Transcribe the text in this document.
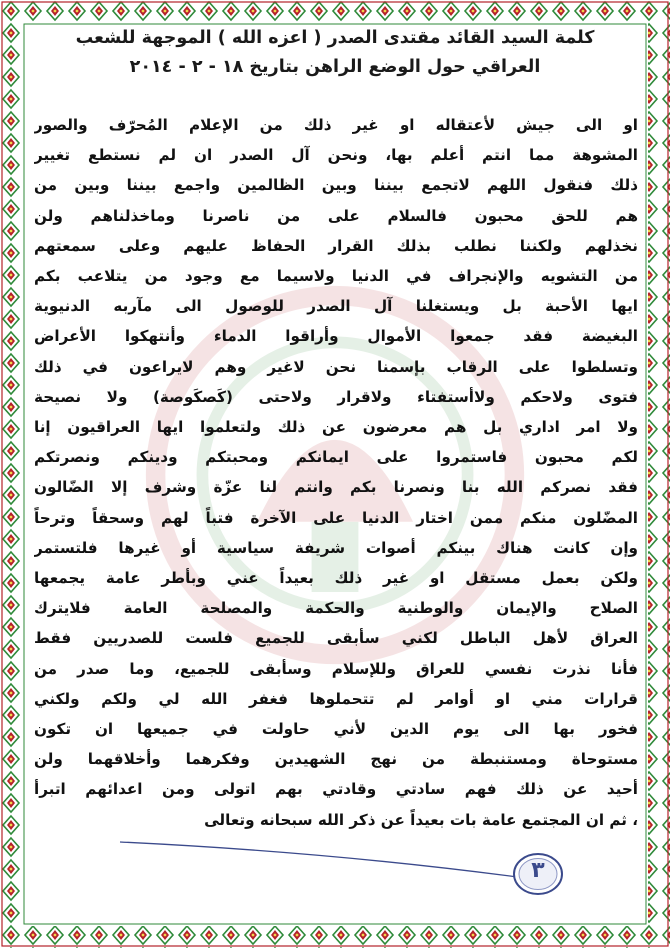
كلمة السيد القائد مقتدى الصدر ( اعزه الله ) الموجهة للشعب
العراقي حول الوضع الراهن بتاريخ ١٨ - ٢ - ٢٠١٤
او الى جيش لأعتقاله او غير ذلك من الإعلام المُحرّف والصور
المشوهة مما انتم أعلم بها، ونحن آل الصدر ان لم نستطع تغيير
ذلك فنقول اللهم لاتجمع بيننا وبين الظالمين واجمع بيننا وبين من
هم للحق محبون فالسلام على من ناصرنا وماخذلناهم ولن
نخذلهم ولكننا نطلب بذلك القرار الحفاظ عليهم وعلى سمعتهم
من التشويه والإنجراف في الدنيا ولاسيما مع وجود من يتلاعب بكم
ايها الأحبة بل ويستغلنا آل الصدر للوصول الى مآربه الدنيوية
البغيضة فقد جمعوا الأموال وأراقوا الدماء وأنتهكوا الأعراض
وتسلطوا على الرقاب بإسمنا نحن لاغير وهم لايراعون في ذلك
فتوى ولاحكم ولاأستفتاء ولاقرار ولاحتى (كَصكَوصة) ولا نصيحة
ولا امر اداري بل هم معرضون عن ذلك ولتعلموا ايها العراقيون إنا
لكم محبون فاستمروا على ايمانكم ومحبتكم ودينكم ونصرتكم
فقد نصركم الله بنا ونصرنا بكم وانتم لنا عزّة وشرف إلا الضّالون
المضّلون منكم ممن اختار الدنيا على الآخرة فتباً لهم وسحقاً وترحاً
وإن كانت هناك بينكم أصوات شريفة سياسية أو غيرها فلتستمر
ولكن بعمل مستقل او غير ذلك بعيداً عني وبأطر عامة يجمعها
الصلاح والإيمان والوطنية والحكمة والمصلحة العامة فلايترك
العراق لأهل الباطل لكني سأبقى للجميع فلست للصدريين فقط
فأنا نذرت نفسي للعراق وللإسلام وسأبقى للجميع، وما صدر من
قرارات مني او أوامر لم تتحملوها فغفر الله لي ولكم ولكني
فخور بها الى يوم الدين لأني حاولت في جميعها ان تكون
مستوحاة ومستنبطة من نهج الشهيدين وفكرهما وأخلاقهما ولن
أحيد عن ذلك فهم سادتي وقادتي بهم اتولى ومن اعدائهم اتبرأ
، ثم ان المجتمع عامة بات بعيداً عن ذكر الله سبحانه وتعالى
٣
